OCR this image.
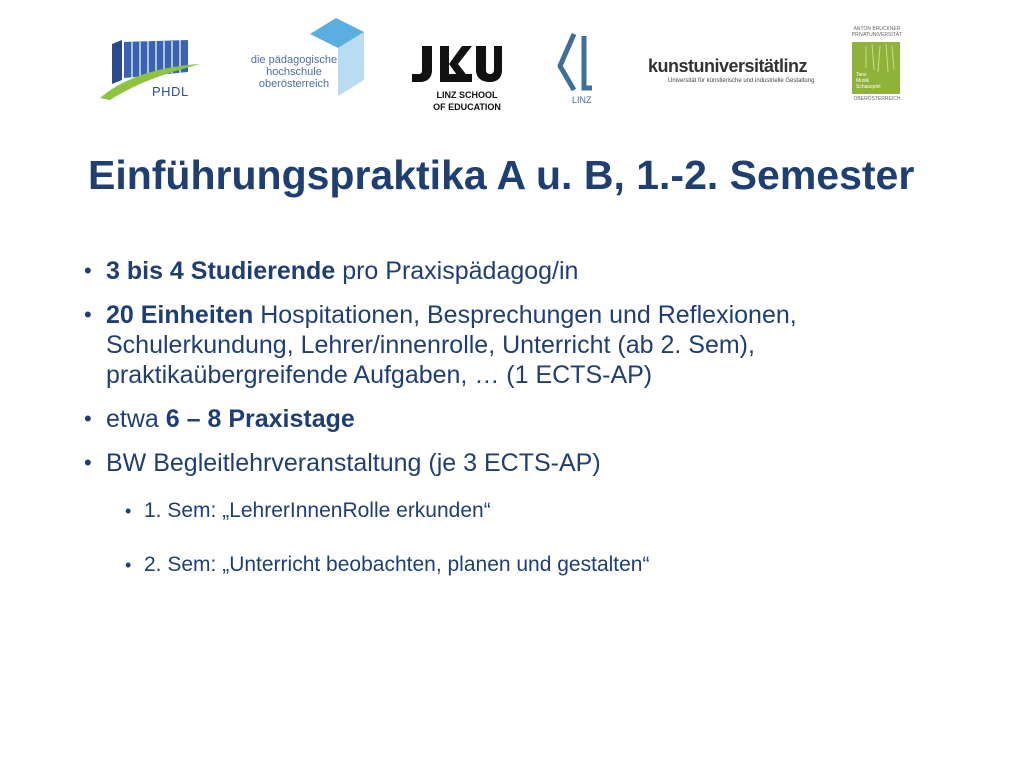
PHDL
die pädagogische
hochschule
oberösterreich
LINZ SCHOOL
OF EDUCATION
LINZ
kunstuniversitätlinz
Universität für künstlerische und industrielle Gestaltung
ANTON BRUCKNER
PRIVATUNIVERSITÄT
Tanz
Musik
Schauspiel
OBERÖSTERREICH
Einführungspraktika A u. B, 1.-2. Semester
• 3 bis 4 Studierende pro Praxispädagog/in
• 20 Einheiten Hospitationen, Besprechungen und Reflexionen, Schulerkundung, Lehrer/innenrolle, Unterricht (ab 2. Sem), praktikaübergreifende Aufgaben, … (1 ECTS-AP)
• etwa 6 – 8 Praxistage
• BW Begleitlehrveranstaltung (je 3 ECTS-AP)
• 1. Sem: „LehrerInnenRolle erkunden“
• 2. Sem: „Unterricht beobachten, planen und gestalten“
